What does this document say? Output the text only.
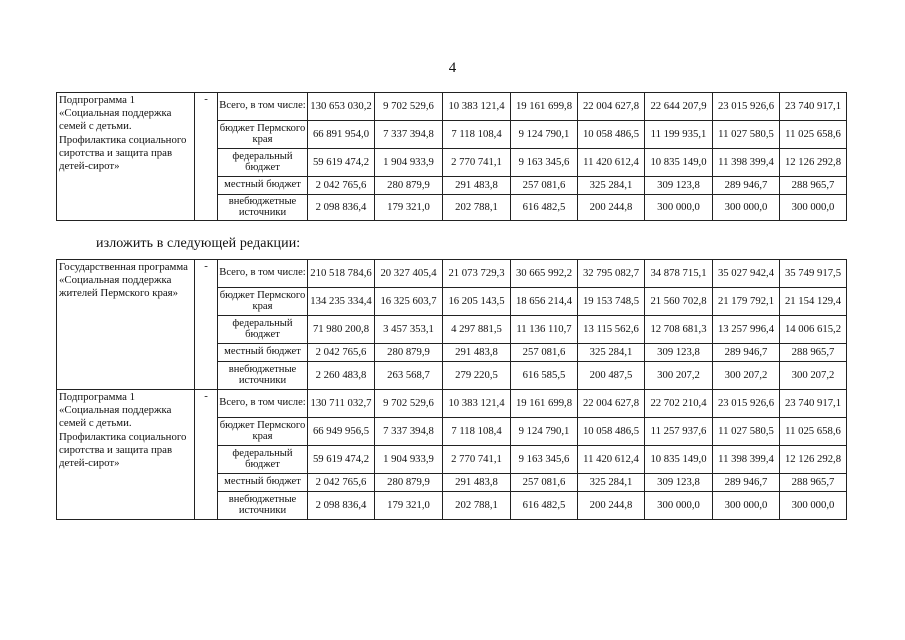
4
Подпрограмма 1 «Социальная поддержка семей с детьми. Профилактика социального сиротства и защита прав детей-сирот»	-	Всего, в том числе:	130 653 030,2	9 702 529,6	10 383 121,4	19 161 699,8	22 004 627,8	22 644 207,9	23 015 926,6	23 740 917,1
		бюджет Пермского края	66 891 954,0	7 337 394,8	7 118 108,4	9 124 790,1	10 058 486,5	11 199 935,1	11 027 580,5	11 025 658,6
		федеральный бюджет	59 619 474,2	1 904 933,9	2 770 741,1	9 163 345,6	11 420 612,4	10 835 149,0	11 398 399,4	12 126 292,8
		местный бюджет	2 042 765,6	280 879,9	291 483,8	257 081,6	325 284,1	309 123,8	289 946,7	288 965,7
		внебюджетные источники	2 098 836,4	179 321,0	202 788,1	616 482,5	200 244,8	300 000,0	300 000,0	300 000,0
изложить в следующей редакции:
Государственная программа «Социальная поддержка жителей Пермского края»	-	Всего, в том числе:	210 518 784,6	20 327 405,4	21 073 729,3	30 665 992,2	32 795 082,7	34 878 715,1	35 027 942,4	35 749 917,5
		бюджет Пермского края	134 235 334,4	16 325 603,7	16 205 143,5	18 656 214,4	19 153 748,5	21 560 702,8	21 179 792,1	21 154 129,4
		федеральный бюджет	71 980 200,8	3 457 353,1	4 297 881,5	11 136 110,7	13 115 562,6	12 708 681,3	13 257 996,4	14 006 615,2
		местный бюджет	2 042 765,6	280 879,9	291 483,8	257 081,6	325 284,1	309 123,8	289 946,7	288 965,7
		внебюджетные источники	2 260 483,8	263 568,7	279 220,5	616 585,5	200 487,5	300 207,2	300 207,2	300 207,2
Подпрограмма 1 «Социальная поддержка семей с детьми. Профилактика социального сиротства и защита прав детей-сирот»	-	Всего, в том числе:	130 711 032,7	9 702 529,6	10 383 121,4	19 161 699,8	22 004 627,8	22 702 210,4	23 015 926,6	23 740 917,1
		бюджет Пермского края	66 949 956,5	7 337 394,8	7 118 108,4	9 124 790,1	10 058 486,5	11 257 937,6	11 027 580,5	11 025 658,6
		федеральный бюджет	59 619 474,2	1 904 933,9	2 770 741,1	9 163 345,6	11 420 612,4	10 835 149,0	11 398 399,4	12 126 292,8
		местный бюджет	2 042 765,6	280 879,9	291 483,8	257 081,6	325 284,1	309 123,8	289 946,7	288 965,7
		внебюджетные источники	2 098 836,4	179 321,0	202 788,1	616 482,5	200 244,8	300 000,0	300 000,0	300 000,0
